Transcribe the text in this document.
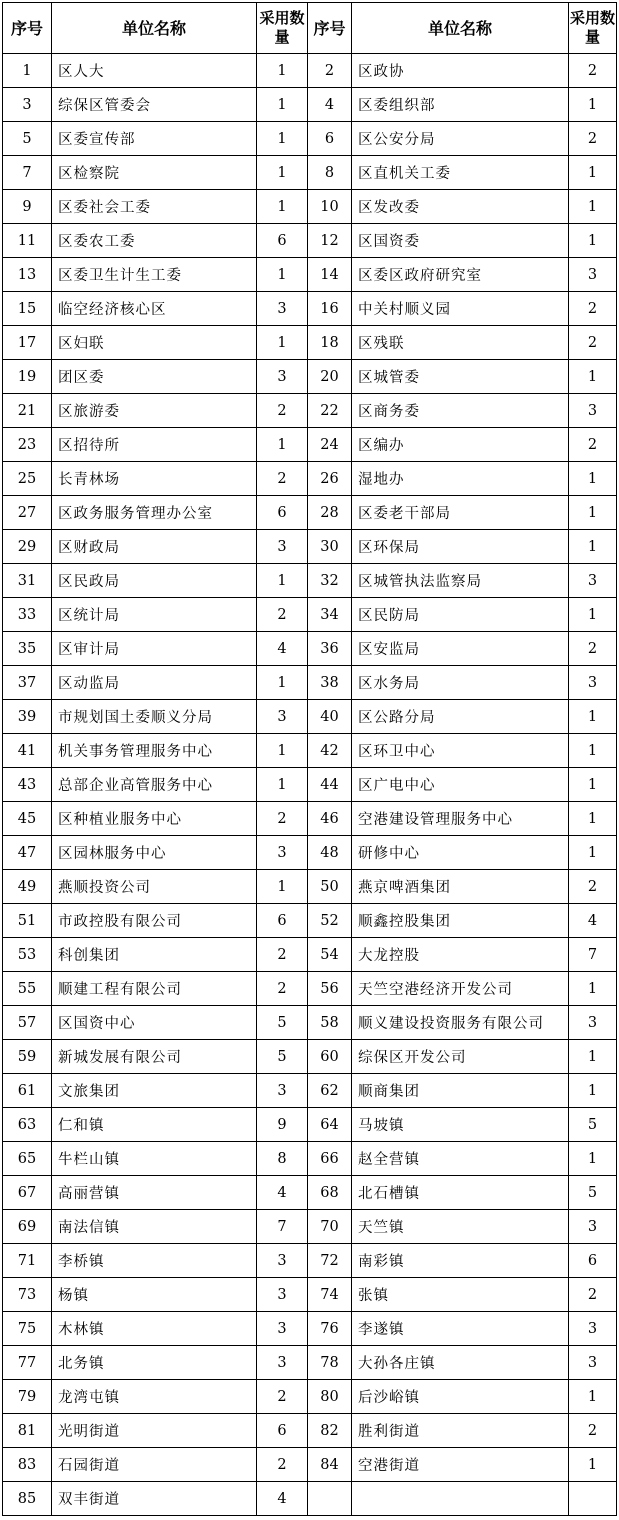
序号	单位名称	采用数量	序号	单位名称	采用数量
1	区人大	1	2	区政协	2
3	综保区管委会	1	4	区委组织部	1
5	区委宣传部	1	6	区公安分局	2
7	区检察院	1	8	区直机关工委	1
9	区委社会工委	1	10	区发改委	1
11	区委农工委	6	12	区国资委	1
13	区委卫生计生工委	1	14	区委区政府研究室	3
15	临空经济核心区	3	16	中关村顺义园	2
17	区妇联	1	18	区残联	2
19	团区委	3	20	区城管委	1
21	区旅游委	2	22	区商务委	3
23	区招待所	1	24	区编办	2
25	长青林场	2	26	湿地办	1
27	区政务服务管理办公室	6	28	区委老干部局	1
29	区财政局	3	30	区环保局	1
31	区民政局	1	32	区城管执法监察局	3
33	区统计局	2	34	区民防局	1
35	区审计局	4	36	区安监局	2
37	区动监局	1	38	区水务局	3
39	市规划国土委顺义分局	3	40	区公路分局	1
41	机关事务管理服务中心	1	42	区环卫中心	1
43	总部企业高管服务中心	1	44	区广电中心	1
45	区种植业服务中心	2	46	空港建设管理服务中心	1
47	区园林服务中心	3	48	研修中心	1
49	燕顺投资公司	1	50	燕京啤酒集团	2
51	市政控股有限公司	6	52	顺鑫控股集团	4
53	科创集团	2	54	大龙控股	7
55	顺建工程有限公司	2	56	天竺空港经济开发公司	1
57	区国资中心	5	58	顺义建设投资服务有限公司	3
59	新城发展有限公司	5	60	综保区开发公司	1
61	文旅集团	3	62	顺商集团	1
63	仁和镇	9	64	马坡镇	5
65	牛栏山镇	8	66	赵全营镇	1
67	高丽营镇	4	68	北石槽镇	5
69	南法信镇	7	70	天竺镇	3
71	李桥镇	3	72	南彩镇	6
73	杨镇	3	74	张镇	2
75	木林镇	3	76	李遂镇	3
77	北务镇	3	78	大孙各庄镇	3
79	龙湾屯镇	2	80	后沙峪镇	1
81	光明街道	6	82	胜利街道	2
83	石园街道	2	84	空港街道	1
85	双丰街道	4			
